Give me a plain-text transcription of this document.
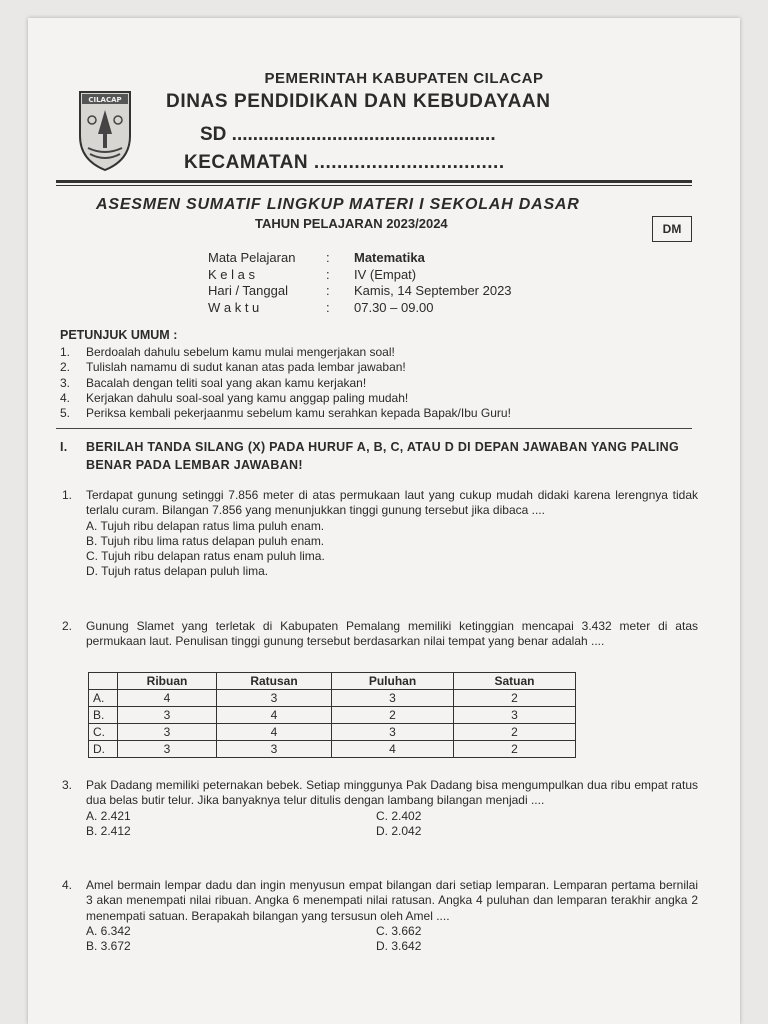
CILACAP
PEMERINTAH KABUPATEN CILACAP
DINAS PENDIDIKAN DAN KEBUDAYAAN
SD ..................................................
KECAMATAN .................................
ASESMEN SUMATIF LINGKUP MATERI I SEKOLAH DASAR
TAHUN PELAJARAN 2023/2024	DM
Mata Pelajaran	:	Matematika
K e l a s	:	IV (Empat)
Hari / Tanggal	:	Kamis, 14 September 2023
W a k t u	:	07.30 – 09.00
PETUNJUK UMUM :
1.	Berdoalah dahulu sebelum kamu mulai mengerjakan soal!
2.	Tulislah namamu di sudut kanan atas pada lembar jawaban!
3.	Bacalah dengan teliti soal yang akan kamu kerjakan!
4.	Kerjakan dahulu soal-soal yang kamu anggap paling mudah!
5.	Periksa kembali pekerjaanmu sebelum kamu serahkan kepada Bapak/Ibu Guru!
I. BERILAH TANDA SILANG (X) PADA HURUF A, B, C, ATAU D DI DEPAN JAWABAN YANG PALING BENAR PADA LEMBAR JAWABAN!
1. Terdapat gunung setinggi 7.856 meter di atas permukaan laut yang cukup mudah didaki karena lerengnya tidak terlalu curam. Bilangan 7.856 yang menunjukkan tinggi gunung tersebut jika dibaca ....
A. Tujuh ribu delapan ratus lima puluh enam.
B. Tujuh ribu lima ratus delapan puluh enam.
C. Tujuh ribu delapan ratus enam puluh lima.
D. Tujuh ratus delapan puluh lima.
2. Gunung Slamet yang terletak di Kabupaten Pemalang memiliki ketinggian mencapai 3.432 meter di atas permukaan laut. Penulisan tinggi gunung tersebut berdasarkan nilai tempat yang benar adalah ....
	Ribuan	Ratusan	Puluhan	Satuan
A.	4	3	3	2
B.	3	4	2	3
C.	3	4	3	2
D.	3	3	4	2
3. Pak Dadang memiliki peternakan bebek. Setiap minggunya Pak Dadang bisa mengumpulkan dua ribu empat ratus dua belas butir telur. Jika banyaknya telur ditulis dengan lambang bilangan menjadi ....
A. 2.421	C. 2.402
B. 2.412	D. 2.042
4. Amel bermain lempar dadu dan ingin menyusun empat bilangan dari setiap lemparan. Lemparan pertama bernilai 3 akan menempati nilai ribuan. Angka 6 menempati nilai ratusan. Angka 4 puluhan dan lemparan terakhir angka 2 menempati satuan. Berapakah bilangan yang tersusun oleh Amel ....
A. 6.342	C. 3.662
B. 3.672	D. 3.642
